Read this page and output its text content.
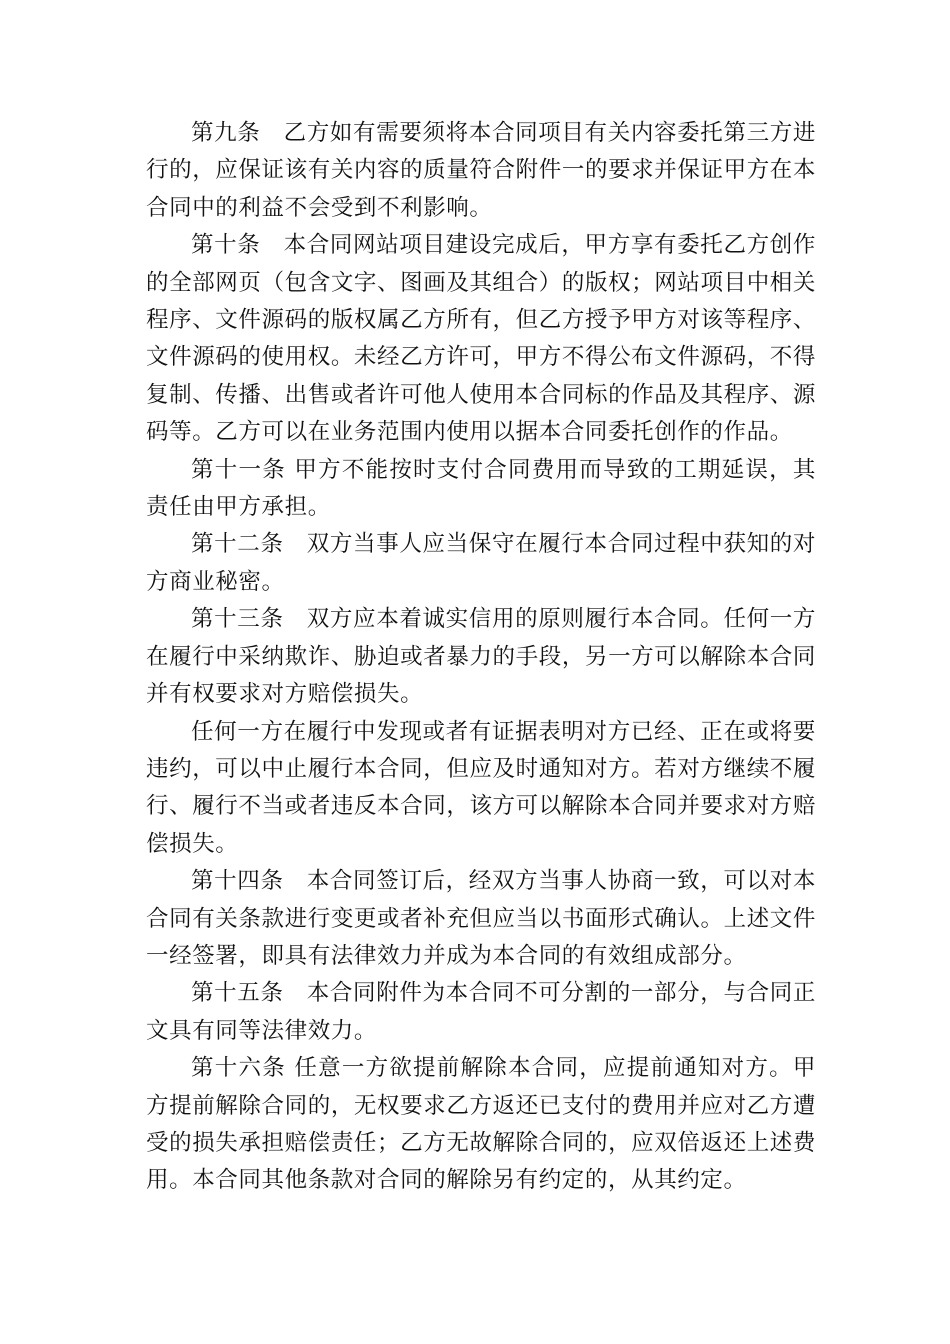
第九条　乙方如有需要须将本合同项目有关内容委托第三方进行的，应保证该有关内容的质量符合附件一的要求并保证甲方在本合同中的利益不会受到不利影响。

第十条　本合同网站项目建设完成后，甲方享有委托乙方创作的全部网页（包含文字、图画及其组合）的版权；网站项目中相关程序、文件源码的版权属乙方所有，但乙方授予甲方对该等程序、文件源码的使用权。未经乙方许可，甲方不得公布文件源码，不得复制、传播、出售或者许可他人使用本合同标的作品及其程序、源码等。乙方可以在业务范围内使用以据本合同委托创作的作品。

第十一条 甲方不能按时支付合同费用而导致的工期延误，其责任由甲方承担。

第十二条　双方当事人应当保守在履行本合同过程中获知的对方商业秘密。

第十三条　双方应本着诚实信用的原则履行本合同。任何一方在履行中采纳欺诈、胁迫或者暴力的手段，另一方可以解除本合同并有权要求对方赔偿损失。

任何一方在履行中发现或者有证据表明对方已经、正在或将要违约，可以中止履行本合同，但应及时通知对方。若对方继续不履行、履行不当或者违反本合同，该方可以解除本合同并要求对方赔偿损失。

第十四条　本合同签订后，经双方当事人协商一致，可以对本合同有关条款进行变更或者补充但应当以书面形式确认。上述文件一经签署，即具有法律效力并成为本合同的有效组成部分。

第十五条　本合同附件为本合同不可分割的一部分，与合同正文具有同等法律效力。

第十六条 任意一方欲提前解除本合同，应提前通知对方。甲方提前解除合同的，无权要求乙方返还已支付的费用并应对乙方遭受的损失承担赔偿责任；乙方无故解除合同的，应双倍返还上述费用。本合同其他条款对合同的解除另有约定的，从其约定。
